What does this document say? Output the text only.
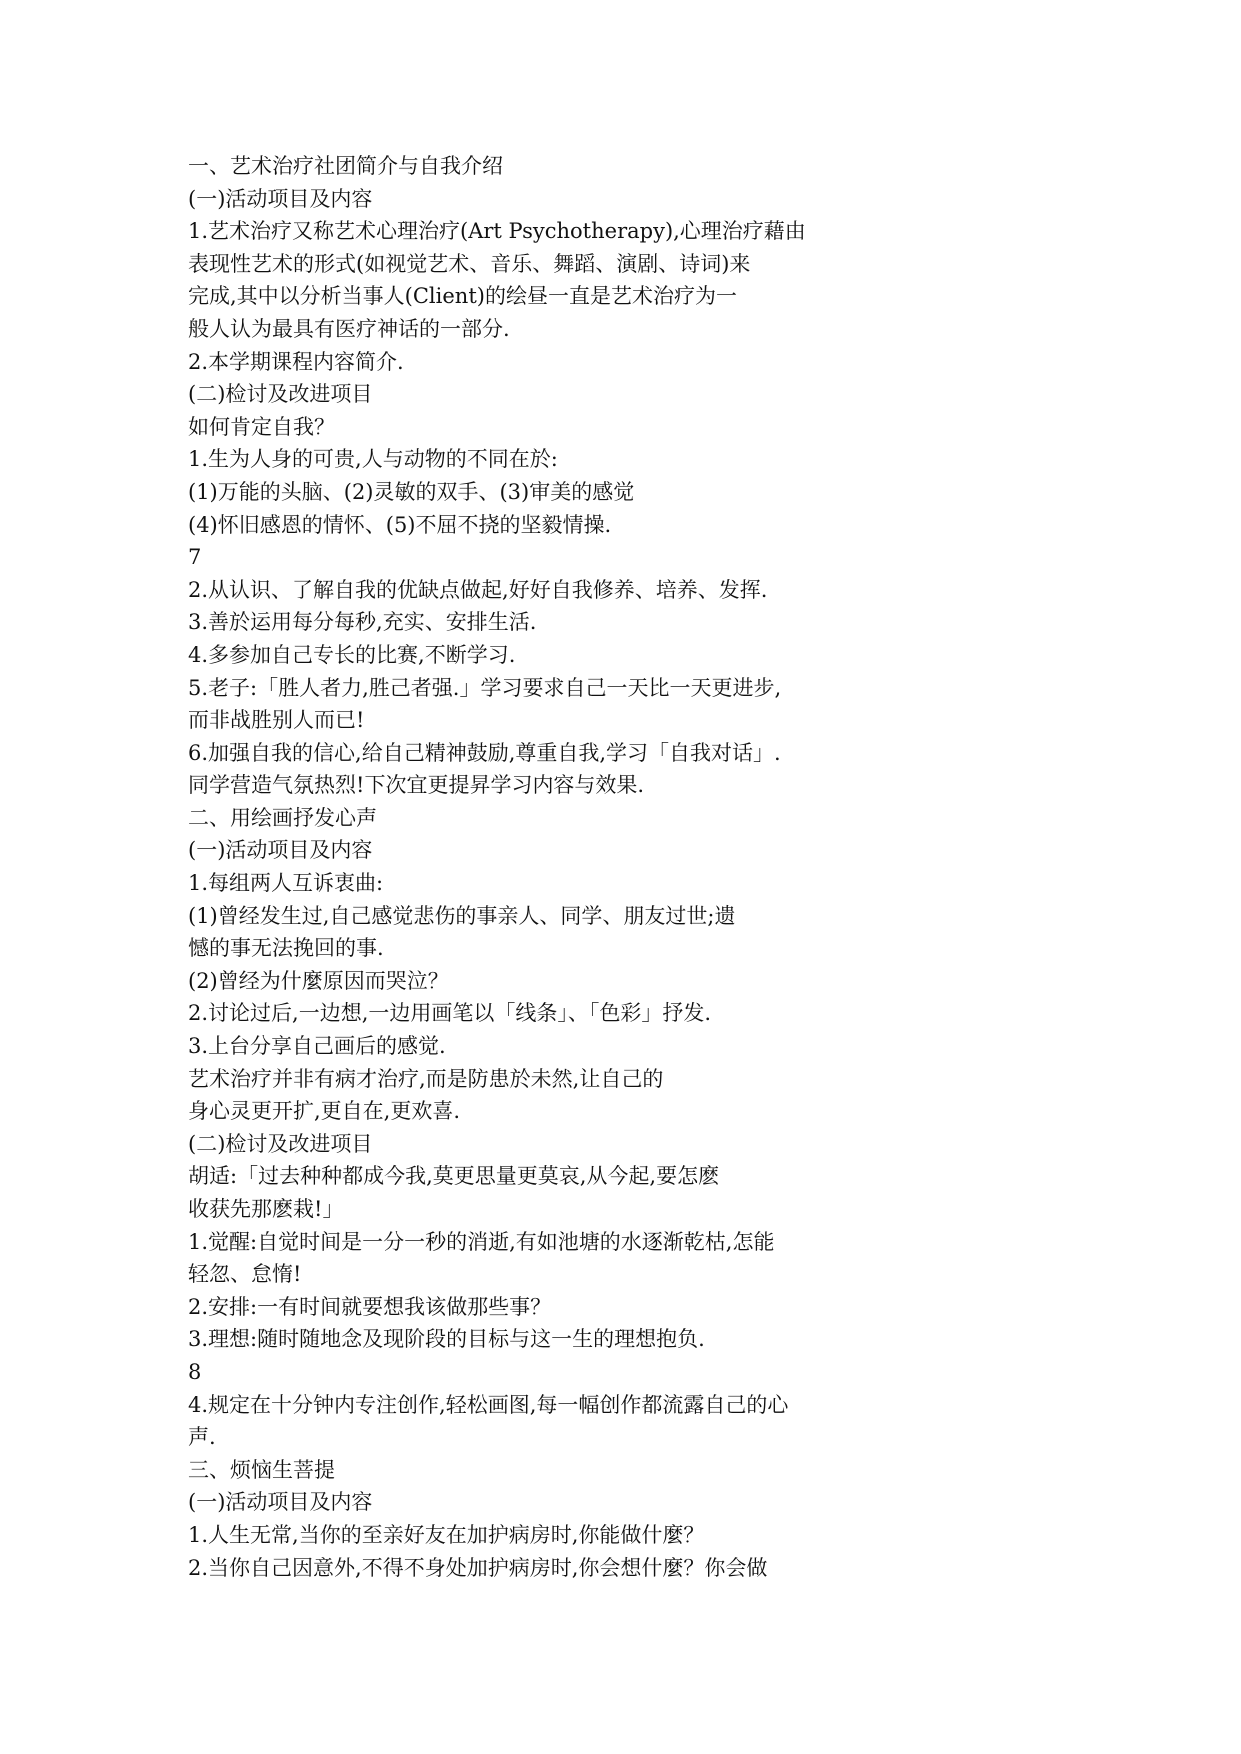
一、艺术治疗社团简介与自我介绍
(一)活动项目及内容
1.艺术治疗又称艺术心理治疗(Art Psychotherapy),心理治疗藉由
表现性艺术的形式(如视觉艺术、音乐、舞蹈、演剧、诗词)来
完成,其中以分析当事人(Client)的绘昼一直是艺术治疗为一
般人认为最具有医疗神话的一部分.
2.本学期课程内容简介.
(二)检讨及改进项目
如何肯定自我？
1.生为人身的可贵,人与动物的不同在於:
(1)万能的头脑、(2)灵敏的双手、(3)审美的感觉
(4)怀旧感恩的情怀、(5)不屈不挠的坚毅情操.
7
2.从认识、了解自我的优缺点做起,好好自我修养、培养、发挥.
3.善於运用每分每秒,充实、安排生活.
4.多参加自己专长的比赛,不断学习.
5.老子:「胜人者力,胜己者强.」学习要求自己一天比一天更进步,
而非战胜别人而已!
6.加强自我的信心,给自己精神鼓励,尊重自我,学习「自我对话」.
同学营造气氛热烈!下次宜更提昇学习内容与效果.
二、用绘画抒发心声
(一)活动项目及内容
1.每组两人互诉衷曲:
(1)曾经发生过,自己感觉悲伤的事亲人、同学、朋友过世;遗
憾的事无法挽回的事.
(2)曾经为什麼原因而哭泣？
2.讨论过后,一边想,一边用画笔以「线条」、「色彩」抒发.
3.上台分享自己画后的感觉.
艺术治疗并非有病才治疗,而是防患於未然,让自己的
身心灵更开扩,更自在,更欢喜.
(二)检讨及改进项目
胡适:「过去种种都成今我,莫更思量更莫哀,从今起,要怎麽
收获先那麽栽!」
1.觉醒:自觉时间是一分一秒的消逝,有如池塘的水逐渐乾枯,怎能
轻忽、怠惰!
2.安排:一有时间就要想我该做那些事？
3.理想:随时随地念及现阶段的目标与这一生的理想抱负.
8
4.规定在十分钟内专注创作,轻松画图,每一幅创作都流露自己的心
声.
三、烦恼生菩提
(一)活动项目及内容
1.人生无常,当你的至亲好友在加护病房时,你能做什麼？
2.当你自己因意外,不得不身处加护病房时,你会想什麼？你会做
